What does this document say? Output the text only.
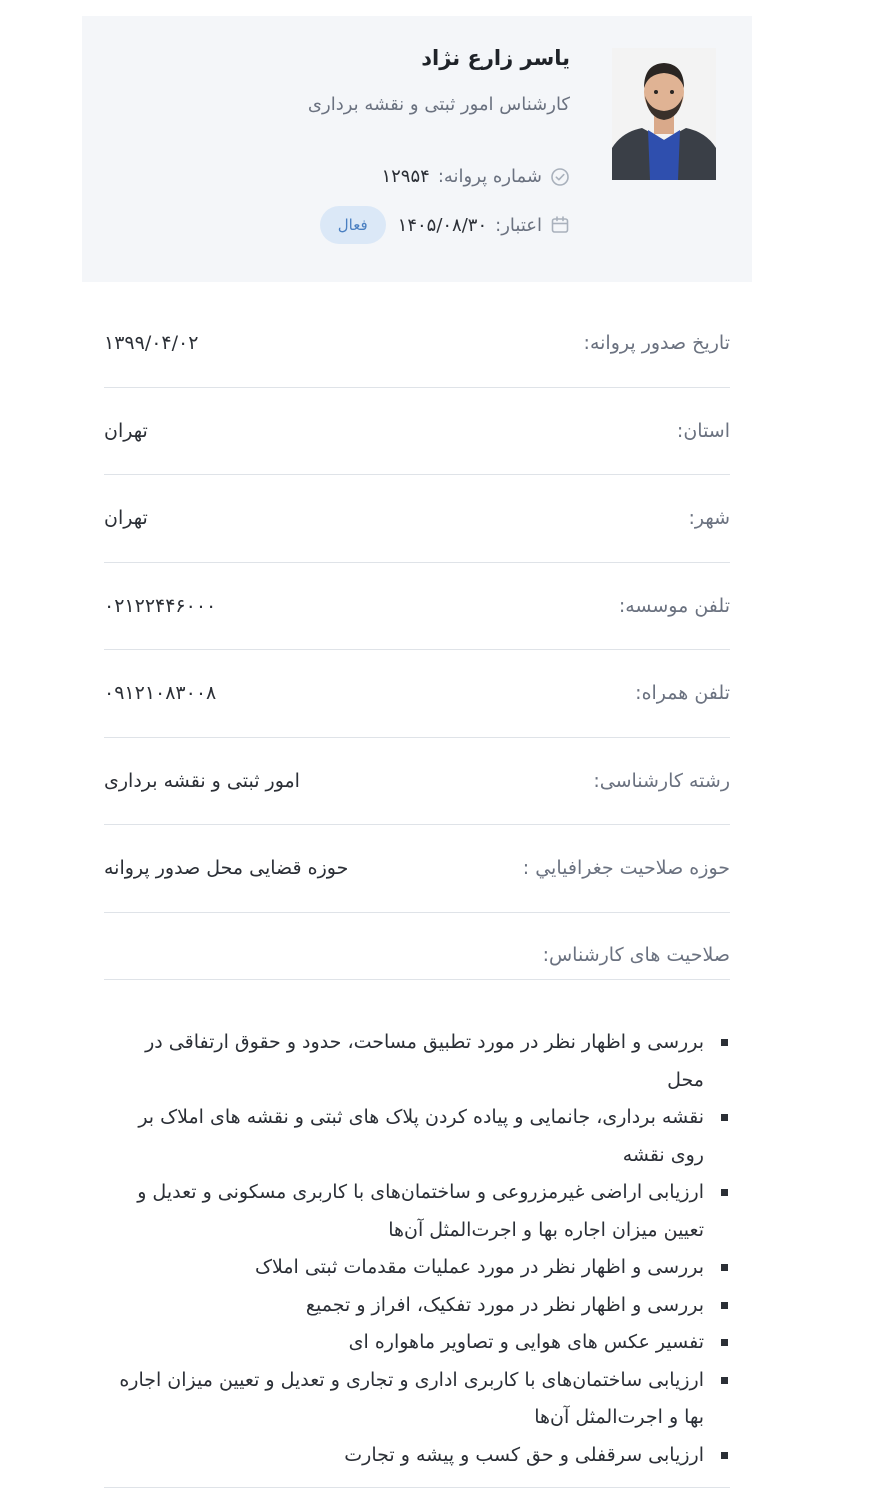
یاسر زارع نژاد
کارشناس امور ثبتی و نقشه برداری
شماره پروانه:
۱۲۹۵۴
اعتبار:
۱۴۰۵/۰۸/۳۰
فعال
تاریخ صدور پروانه:
۱۳۹۹/۰۴/۰۲
استان:
تهران
شهر:
تهران
تلفن موسسه:
۰۲۱۲۲۴۴۶۰۰۰
تلفن همراه:
۰۹۱۲۱۰۸۳۰۰۸
رشته کارشناسی:
امور ثبتی و نقشه برداری
حوزه صلاحیت جغرافیايي :
حوزه قضایی محل صدور پروانه
صلاحیت های کارشناس:
بررسی و اظهار نظر در مورد تطبیق مساحت، حدود و حقوق ارتفاقی در محل
نقشه برداری، جانمایی و پیاده کردن پلاک های ثبتی و نقشه های املاک بر روی نقشه
ارزیابی اراضی غیرمزروعی و ساختمان‌های با کاربری مسکونی و تعدیل و تعیین میزان اجاره بها و اجرت‌المثل آن‌ها
بررسی و اظهار نظر در مورد عملیات مقدمات ثبتی املاک
بررسی و اظهار نظر در مورد تفکیک، افراز و تجمیع
تفسیر عکس های هوایی و تصاویر ماهواره ای
ارزیابی ساختمان‌های با کاربری اداری و تجاری و تعدیل و تعیین میزان اجاره بها و اجرت‌المثل آن‌ها
ارزیابی سرقفلی و حق کسب و پیشه و تجارت
